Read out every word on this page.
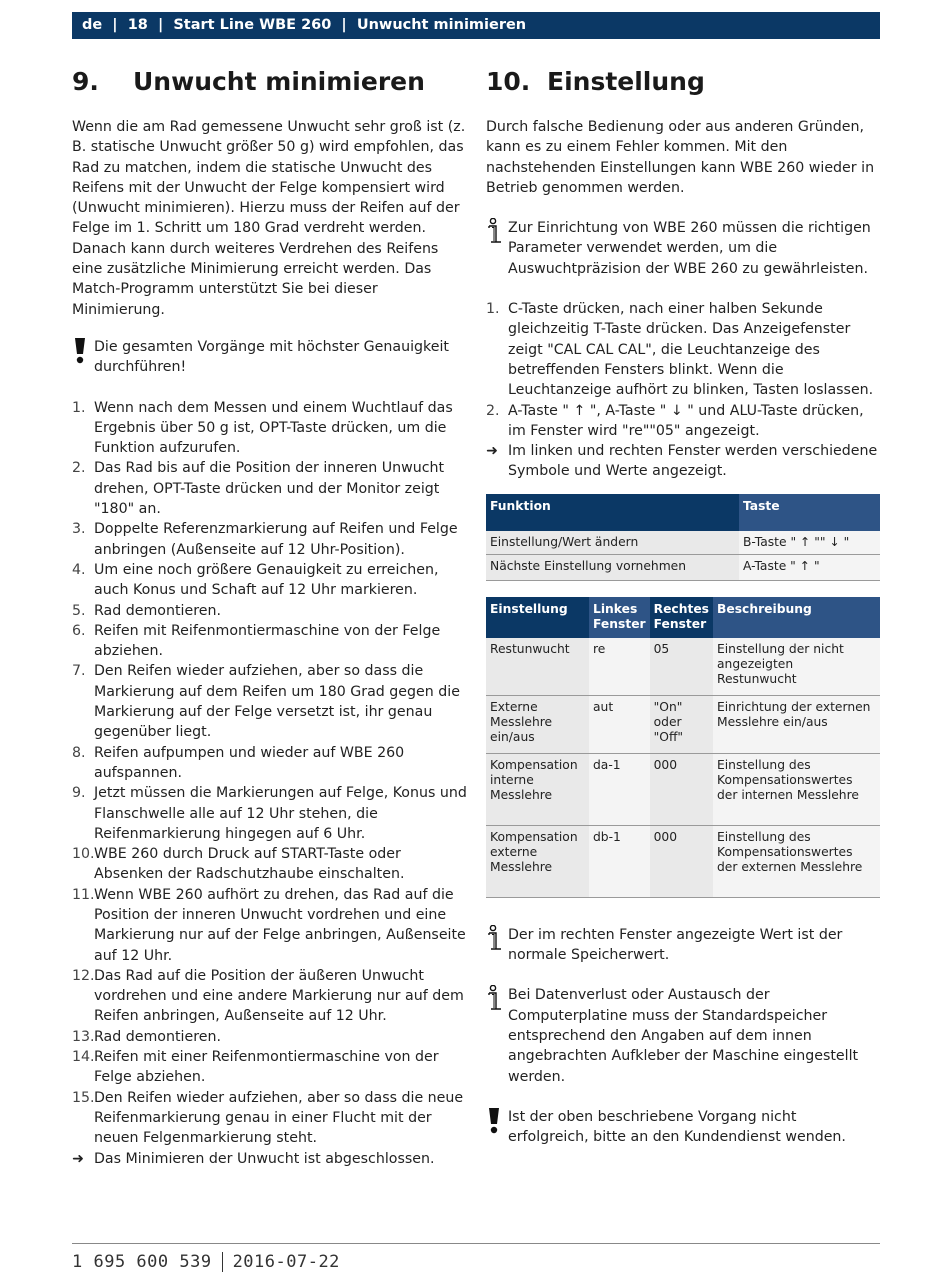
de  |  18  |  Start Line WBE 260  |  Unwucht minimieren
9. Unwucht minimieren

Wenn die am Rad gemessene Unwucht sehr groß ist (z. B. statische Unwucht größer 50 g) wird empfohlen, das Rad zu matchen, indem die statische Unwucht des Reifens mit der Unwucht der Felge kompensiert wird (Unwucht minimieren). Hierzu muss der Reifen auf der Felge im 1. Schritt um 180 Grad verdreht werden. Danach kann durch weiteres Verdrehen des Reifens eine zusätzliche Minimierung erreicht werden. Das Match-Programm unterstützt Sie bei dieser Minimierung.

Die gesamten Vorgänge mit höchster Genauigkeit durchführen!
1. Wenn nach dem Messen und einem Wuchtlauf das Ergebnis über 50 g ist, OPT-Taste drücken, um die Funktion aufzurufen.
2. Das Rad bis auf die Position der inneren Unwucht drehen, OPT-Taste drücken und der Monitor zeigt "180" an.
3. Doppelte Referenzmarkierung auf Reifen und Felge anbringen (Außenseite auf 12 Uhr-Position).
4. Um eine noch größere Genauigkeit zu erreichen, auch Konus und Schaft auf 12 Uhr markieren.
5. Rad demontieren.
6. Reifen mit Reifenmontiermaschine von der Felge abziehen.
7. Den Reifen wieder aufziehen, aber so dass die Markierung auf dem Reifen um 180 Grad gegen die Markierung auf der Felge versetzt ist, ihr genau gegenüber liegt.
8. Reifen aufpumpen und wieder auf WBE 260 aufspannen.
9. Jetzt müssen die Markierungen auf Felge, Konus und Flanschwelle alle auf 12 Uhr stehen, die Reifenmarkierung hingegen auf 6 Uhr.
10. WBE 260 durch Druck auf START-Taste oder Absenken der Radschutzhaube einschalten.
11. Wenn WBE 260 aufhört zu drehen, das Rad auf die Position der inneren Unwucht vordrehen und eine Markierung nur auf der Felge anbringen, Außenseite auf 12 Uhr.
12. Das Rad auf die Position der äußeren Unwucht vordrehen und eine andere Markierung nur auf dem Reifen anbringen, Außenseite auf 12 Uhr.
13. Rad demontieren.
14. Reifen mit einer Reifenmontiermaschine von der Felge abziehen.
15. Den Reifen wieder aufziehen, aber so dass die neue Reifenmarkierung genau in einer Flucht mit der neuen Felgenmarkierung steht.
➜ Das Minimieren der Unwucht ist abgeschlossen.
10. Einstellung

Durch falsche Bedienung oder aus anderen Gründen, kann es zu einem Fehler kommen. Mit den nachstehenden Einstellungen kann WBE 260 wieder in Betrieb genommen werden.

Zur Einrichtung von WBE 260 müssen die richtigen Parameter verwendet werden, um die Auswuchtpräzision der WBE 260 zu gewährleisten.
1. C-Taste drücken, nach einer halben Sekunde gleichzeitig T-Taste drücken. Das Anzeigefenster zeigt "CAL CAL CAL", die Leuchtanzeige des betreffenden Fensters blinkt. Wenn die Leuchtanzeige aufhört zu blinken, Tasten loslassen.
2. A-Taste " ↑ ", A-Taste " ↓ " und ALU-Taste drücken, im Fenster wird "re""05" angezeigt.
➜ Im linken und rechten Fenster werden verschiedene Symbole und Werte angezeigt.
Funktion	Taste
Einstellung/Wert ändern	B-Taste " ↑ "" ↓ "
Nächste Einstellung vornehmen	A-Taste " ↑ "
Einstellung	Linkes Fenster	Rechtes Fenster	Beschreibung
Restunwucht	re	05	Einstellung der nicht angezeigten Restunwucht
Externe Messlehre ein/aus	aut	"On" oder "Off"	Einrichtung der externen Messlehre ein/aus
Kompensation interne Messlehre	da-1	000	Einstellung des Kompensationswertes der internen Messlehre
Kompensation externe Messlehre	db-1	000	Einstellung des Kompensationswertes der externen Messlehre
Der im rechten Fenster angezeigte Wert ist der normale Speicherwert.
Bei Datenverlust oder Austausch der Computerplatine muss der Standardspeicher entsprechend den Angaben auf dem innen angebrachten Aufkleber der Maschine eingestellt werden.
Ist der oben beschriebene Vorgang nicht erfolgreich, bitte an den Kundendienst wenden.
1 695 600 539 2016-07-22
